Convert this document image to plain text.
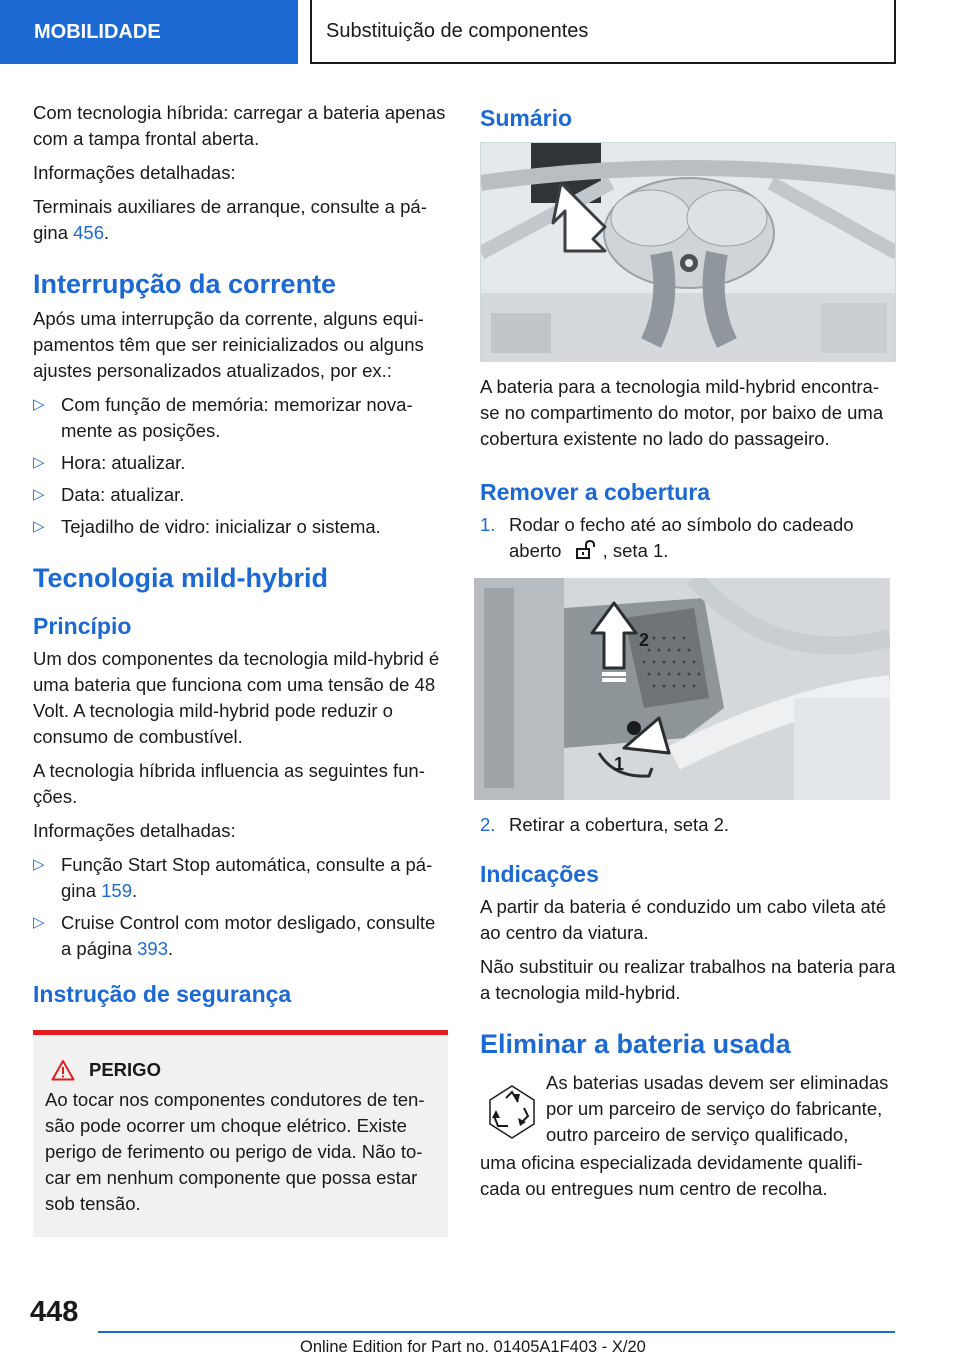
MOBILIDADE	Substituição de componentes

Com tecnologia híbrida: carregar a bateria apenas com a tampa frontal aberta.

Informações detalhadas:

Terminais auxiliares de arranque, consulte a página 456.

Interrupção da corrente

Após uma interrupção da corrente, alguns equipamentos têm que ser reinicializados ou alguns ajustes personalizados atualizados, por ex.:

▷ Com função de memória: memorizar novamente as posições.
▷ Hora: atualizar.
▷ Data: atualizar.
▷ Tejadilho de vidro: inicializar o sistema.
Tecnologia mild-hybrid
Princípio

Um dos componentes da tecnologia mild-hybrid é uma bateria que funciona com uma tensão de 48 Volt. A tecnologia mild-hybrid pode reduzir o consumo de combustível.

A tecnologia híbrida influencia as seguintes funções.

Informações detalhadas:

▷ Função Start Stop automática, consulte a página 159.
▷ Cruise Control com motor desligado, consulte a página 393.
Instrução de segurança
PERIGO

Ao tocar nos componentes condutores de tensão pode ocorrer um choque elétrico. Existe perigo de ferimento ou perigo de vida. Não tocar em nenhum componente que possa estar sob tensão.

Sumário

A bateria para a tecnologia mild-hybrid encontra-se no compartimento do motor, por baixo de uma cobertura existente no lado do passageiro.

Remover a cobertura
1. Rodar o fecho até ao símbolo do cadeado aberto , seta 1.
2
1
2. Retirar a cobertura, seta 2.
Indicações

A partir da bateria é conduzido um cabo vileta até ao centro da viatura.

Não substituir ou realizar trabalhos na bateria para a tecnologia mild-hybrid.

Eliminar a bateria usada

As baterias usadas devem ser eliminadas por um parceiro de serviço do fabricante, outro parceiro de serviço qualificado,

uma oficina especializada devidamente qualificada ou entregues num centro de recolha.

448
Online Edition for Part no. 01405A1F403 - X/20
